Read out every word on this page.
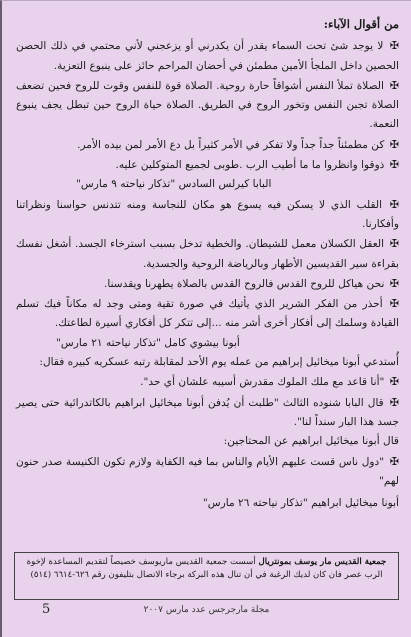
من أقوال الآباء:

✠ لا يوجد شئ تحت السماء يقدر أن يكدرني أو يزعجني لأني محتمي في ذلك الحصن الحصين داخل الملجأ الأمين مطمئن في أحضان المراحم حائز على ينبوع التعزية.

✠ الصلاة تملأ النفس أشواقاً حارة روحية. الصلاة قوة للنفس وقوت للروح فحين تضعف الصلاة تجبن النفس وتخور الروح في الطريق. الصلاة حياة الروح حين تبطل يجف ينبوع النعمة.

✠ كن مطمئناً جداً جداً ولا تفكر في الأمر كثيراً بل دع الأمر لمن بيده الأمر.

✠ ذوقوا وانظروا ما ما أطيب الرب .طوبى لجميع المتوكلين عليه.

البابا كيرلس السادس "تذكار نياحته ٩ مارس"

✠ القلب الذي لا يسكن فيه يسوع هو مكان للنجاسة ومنه تتدنس حواسنا ونظراتنا وأفكارنا.

✠ العقل الكسلان معمل للشيطان. والخطية تدخل بسبب استرخاء الجسد. أشغل نفسك بقراءة سير القديسين الأطهار وبالرياضة الروحية والجسدية.

✠ نحن هياكل للروح القدس فالروح القدس بالصلاة يطهرنا ويقدسنا.

✠ أحذر من الفكر الشرير الذي يأتيك في صورة تقية ومتى وجد له مكاناً فيك تسلم القيادة وسلمك إلى أفكار أخرى أشر منه ...إلى تتكر كل أفكاري أسيرة لطاعتك.

أبونا بيشوي كامل "تذكار نياحته ٢١ مارس"

أُستدعي أبونا ميخائيل إبراهيم من عمله يوم الأحد لمقابلة رتبه عسكريه كبيره فقال:

✠ "أنا قاعد مع ملك الملوك مقدرش أسيبه علشان أي حد".

✠ قال البابا شنوده الثالث "طلبت أن يُدفن أبونا ميخائيل ابراهيم بالكاتدرائية حتى يصير جسد هذا البار سنداً لنا".

قال أبونا ميخائيل ابراهيم عن المحتاجين:

✠ "دول ناس قست عليهم الأيام والناس بما فيه الكفاية ولازم تكون الكنيسة صدر حنون لهم"

أبونا ميخائيل ابراهيم "تذكار نياحته ٢٦ مارس"

جمعية القديس مار يوسف بمونتريال أسست جمعية القديس ماريوسف خصيصاً لتقديم المساعدة لإخوة الرب عصر فان كان لديك الرغبة في أن تنال هذه البركة برجاء الاتصال بتليفون رقم ٦٢٦-٦٦١٤ (٥١٤)
مجلة مارجرجس عدد مارس ٢٠٠٧
5
